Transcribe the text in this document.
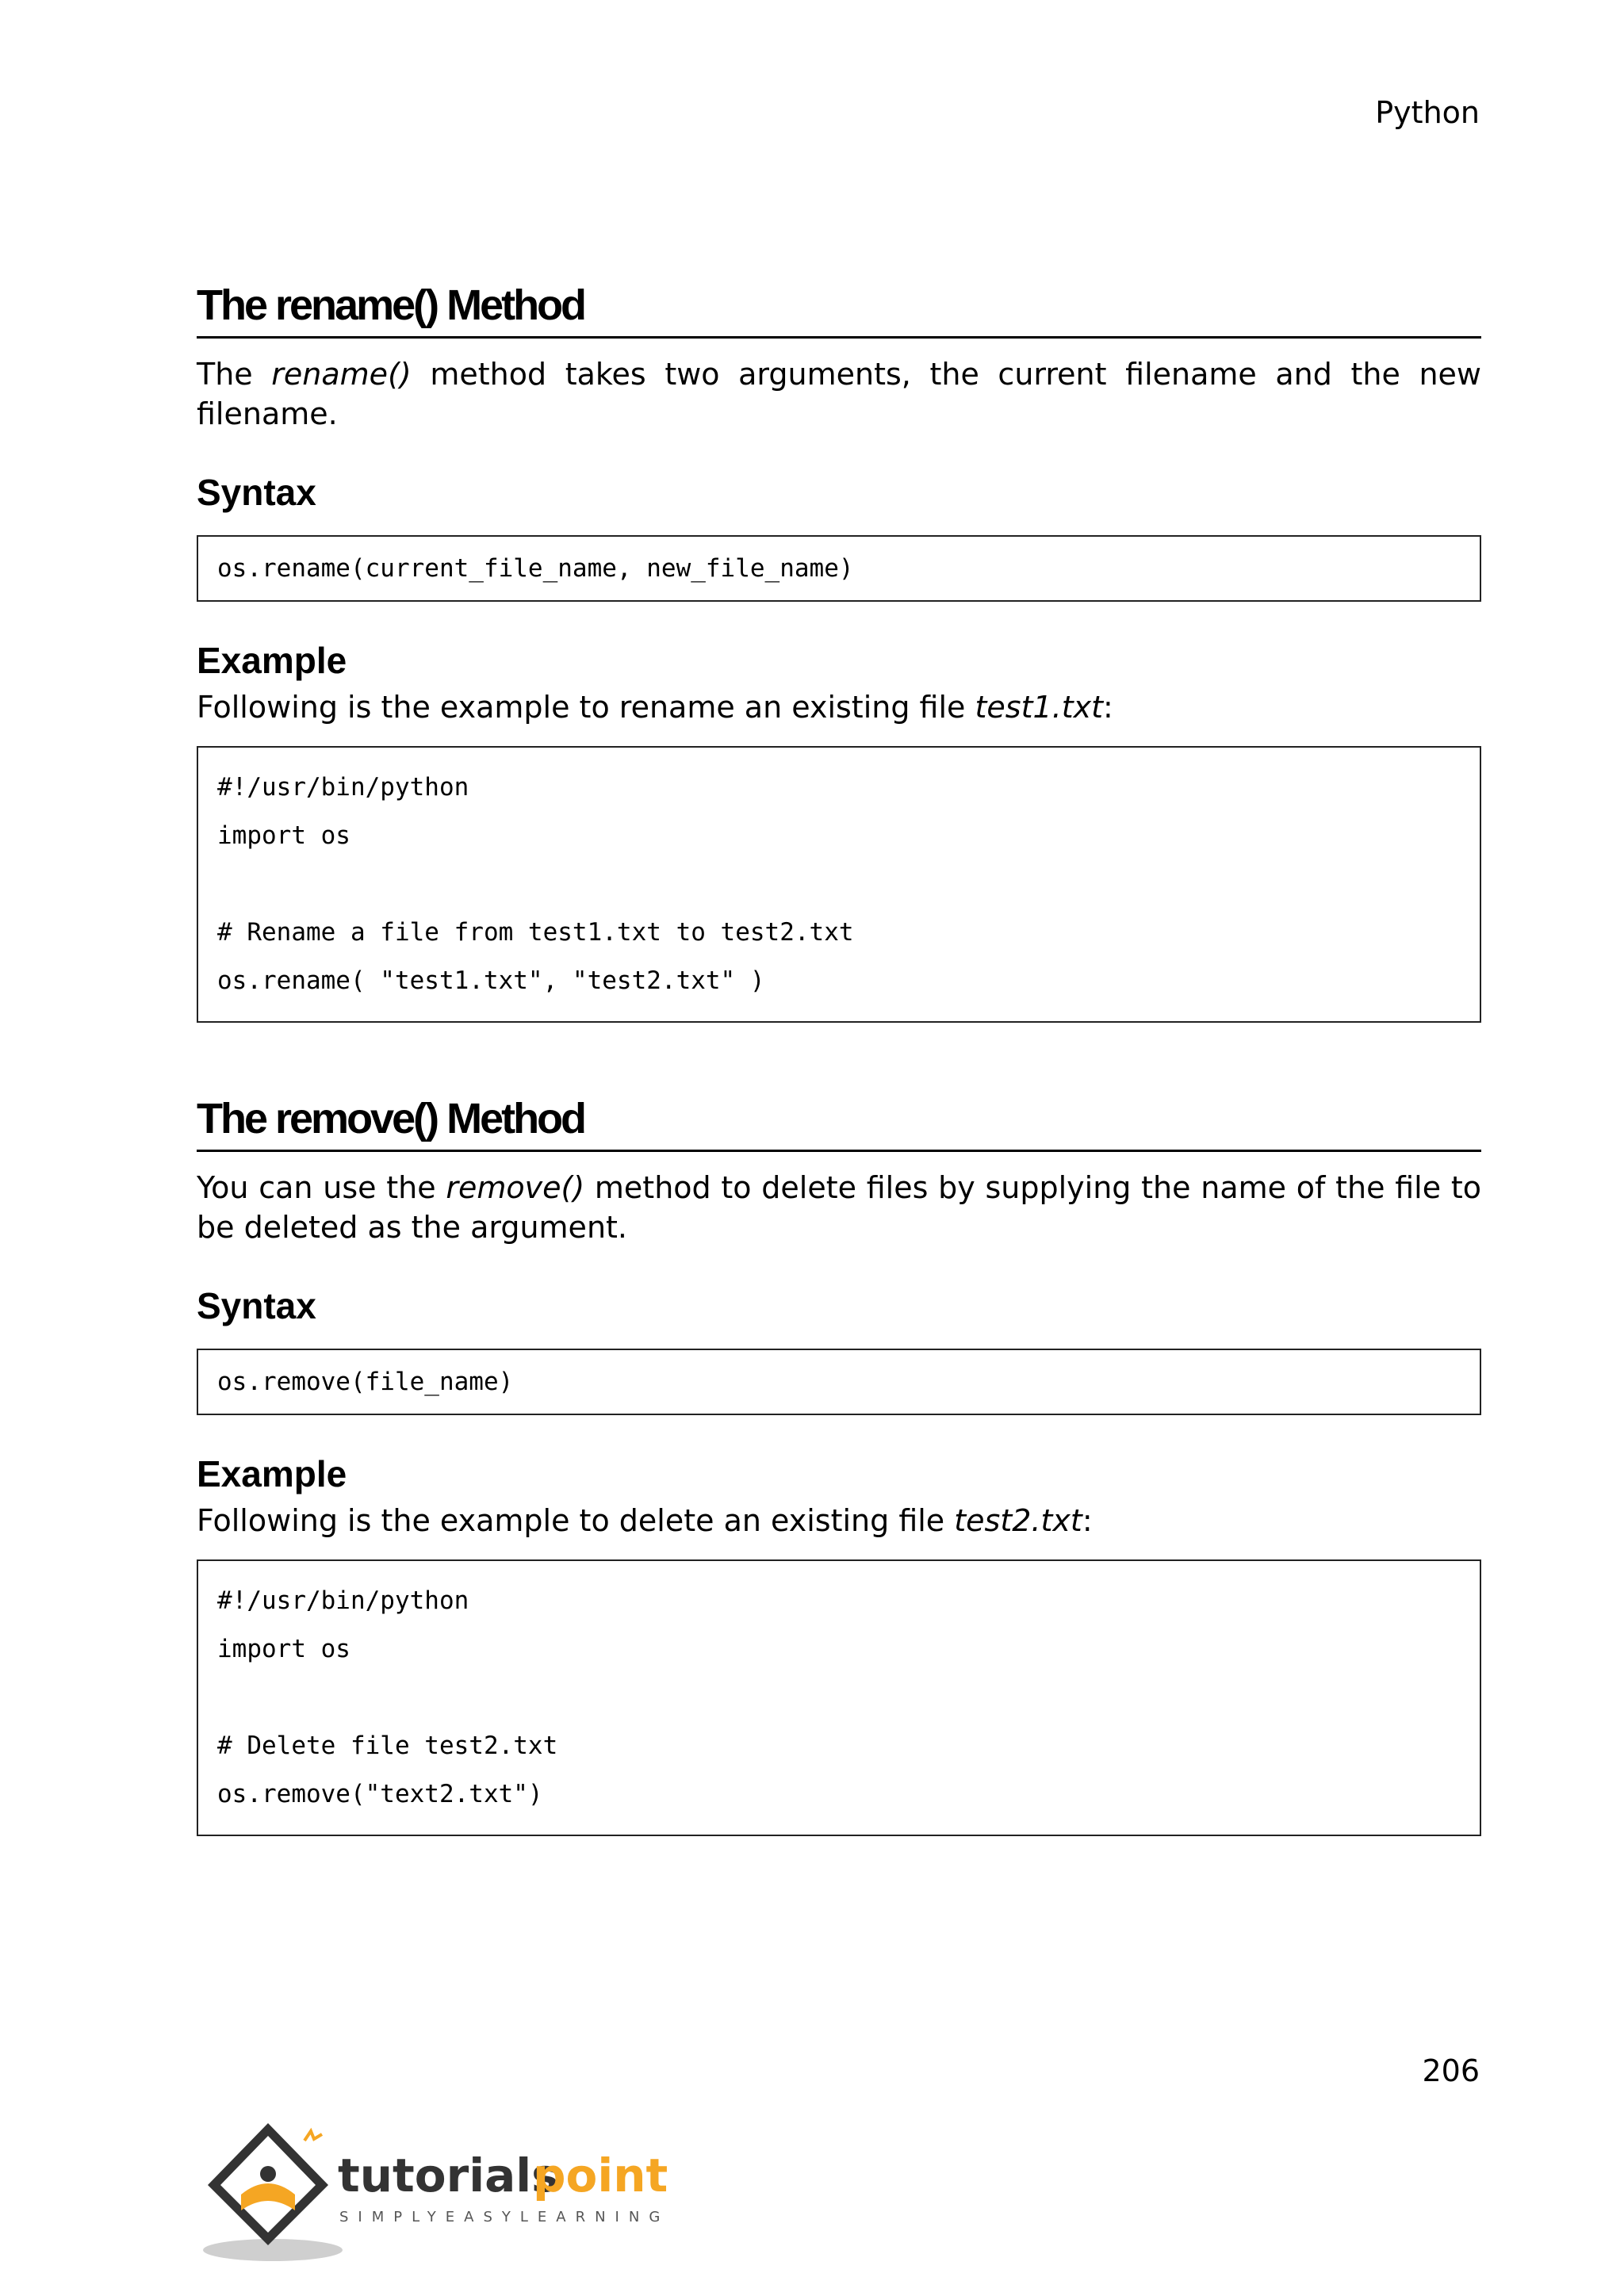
Python
The rename() Method

The rename() method takes two arguments, the current filename and the new filename.

Syntax
os.rename(current_file_name, new_file_name)
Example

Following is the example to rename an existing file test1.txt:

#!/usr/bin/python
import os
# Rename a file from test1.txt to test2.txt
os.rename( "test1.txt", "test2.txt" )
The remove() Method

You can use the remove() method to delete files by supplying the name of the file to be deleted as the argument.

Syntax
os.remove(file_name)
Example

Following is the example to delete an existing file test2.txt:

#!/usr/bin/python
import os
# Delete file test2.txt
os.remove("text2.txt")
206
tutorials
point
SIMPLYEASYLEARNING
